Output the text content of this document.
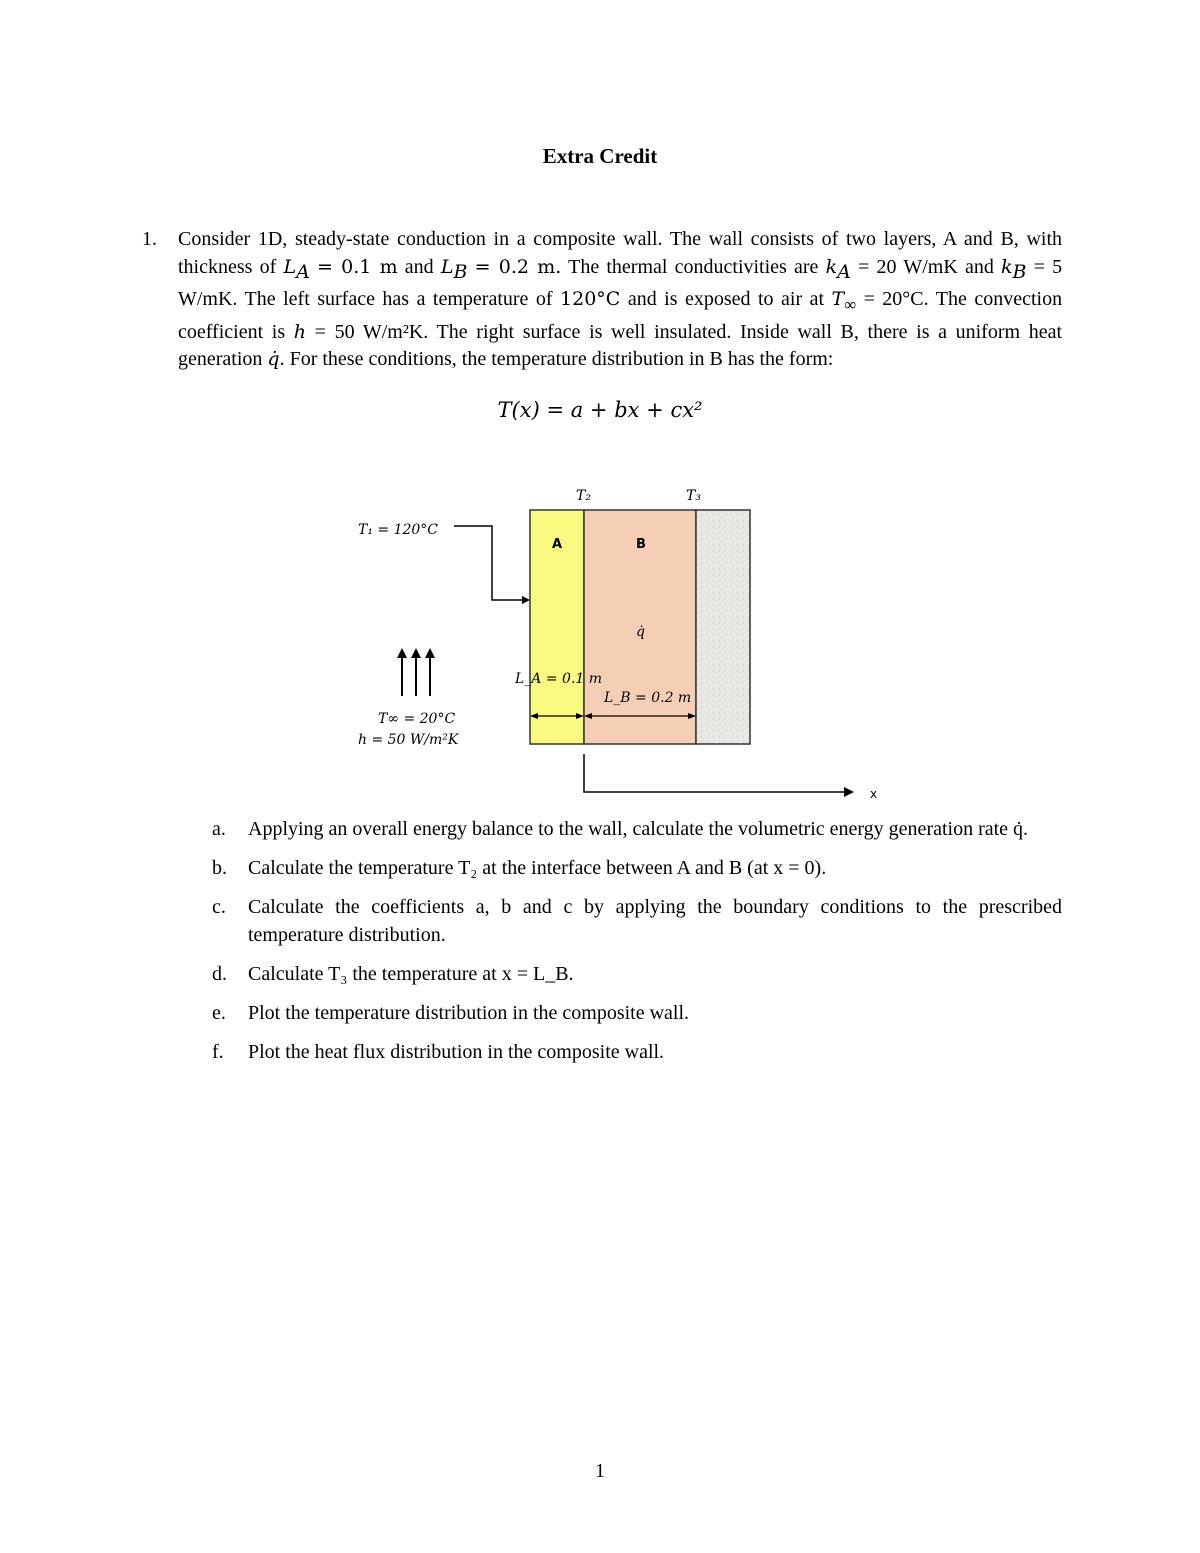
Extra Credit
1. Consider 1D, steady-state conduction in a composite wall. The wall consists of two layers, A and B, with thickness of $L_A = 0.1$ m and $L_B = 0.2$ m. The thermal conductivities are $k_A = 20$ W/mK and $k_B = 5$ W/mK. The left surface has a temperature of 120°C and is exposed to air at $T_\infty = 20^\circ C$. The convection coefficient is h = 50 W/m²K. The right surface is well insulated. Inside wall B, there is a uniform heat generation q̇. For these conditions, the temperature distribution in B has the form:
T(x) = a + bx + cx²
T₂	T₃
A	B
q̇
T₁ = 120°C
T∞ = 20°C
h = 50 W/m²K
L_A = 0.1 m
L_B = 0.2 m
x
a. Applying an overall energy balance to the wall, calculate the volumetric energy generation rate q̇.
b. Calculate the temperature T₂ at the interface between A and B (at x = 0).
c. Calculate the coefficients a, b and c by applying the boundary conditions to the prescribed temperature distribution.
d. Calculate T₃ the temperature at x = L_B.
e. Plot the temperature distribution in the composite wall.
f. Plot the heat flux distribution in the composite wall.
1
